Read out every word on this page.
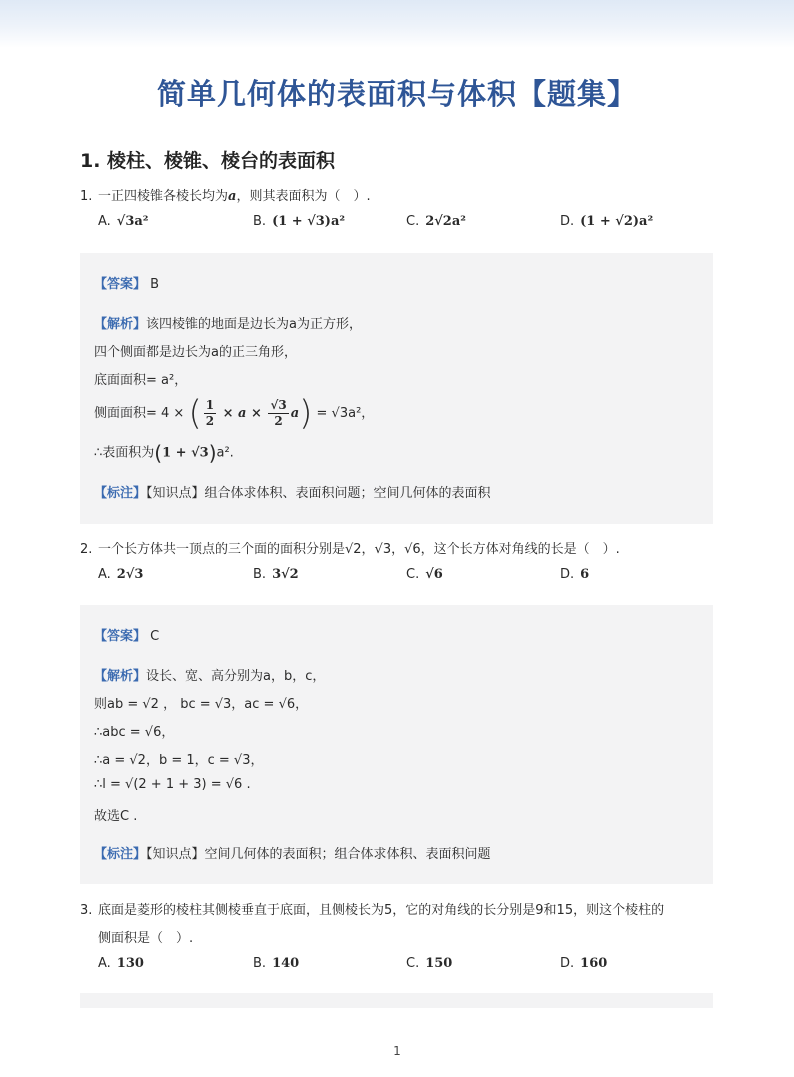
简单几何体的表面积与体积【题集】
1. 棱柱、棱锥、棱台的表面积
1. 一正四棱锥各棱长均为a，则其表面积为（　）.
A. √3a²	B. (1 + √3)a²	C. 2√2a²	D. (1 + √2)a²
【答案】 B
【解析】该四棱锥的地面是边长为a为正方形，
四个侧面都是边长为a的正三角形，
底面面积= a²，
侧面面积= 4 × ( $\frac{1}{2} \times a \times \frac{√3}{2} a) = √3a^2$，
∴表面积为(1 + √3)a².
【标注】【知识点】组合体求体积、表面积问题；空间几何体的表面积
2. 一个长方体共一顶点的三个面的面积分别是√2，√3，√6，这个长方体对角线的长是（　）.
A. 2√3	B. 3√2	C. √6	D. 6
【答案】 C
【解析】设长、宽、高分别为a，b，c，
则ab = √2 ， bc = √3，ac = √6，
∴abc = √6，
∴a = √2，b = 1，c = √3，
∴l = √(2 + 1 + 3) = √6 .
故选C .
【标注】【知识点】空间几何体的表面积；组合体求体积、表面积问题
3. 底面是菱形的棱柱其侧棱垂直于底面，且侧棱长为5，它的对角线的长分别是9和15，则这个棱柱的
侧面积是（　）.
A. 130	B. 140	C. 150	D. 160
1
